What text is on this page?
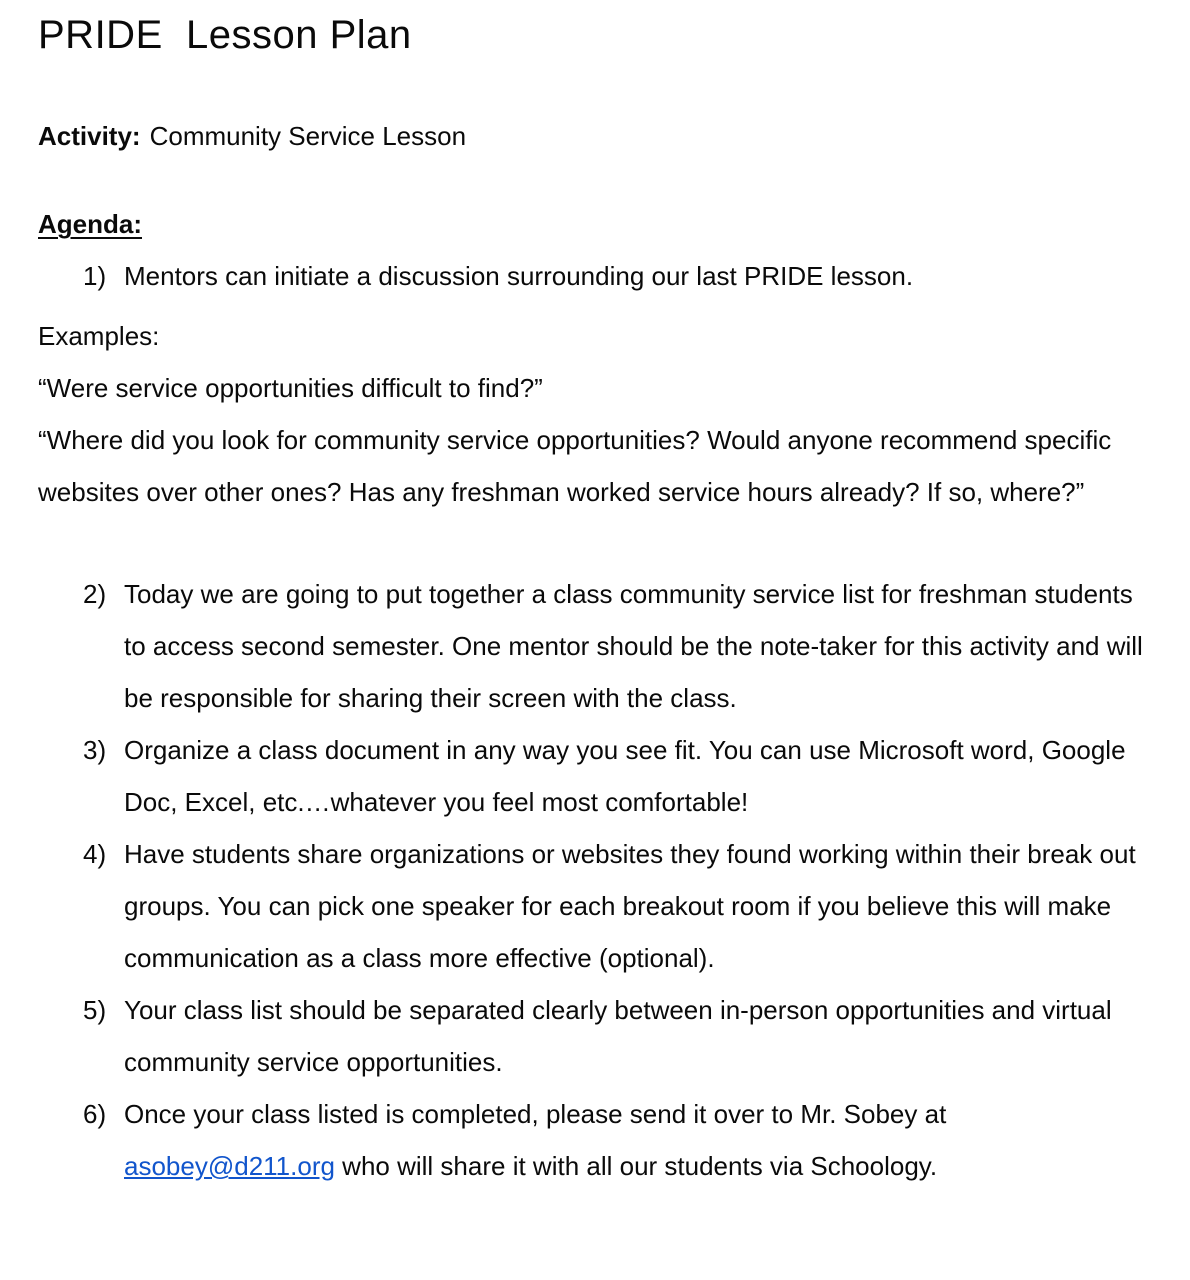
PRIDE  Lesson Plan

Activity: Community Service Lesson

Agenda:

1) Mentors can initiate a discussion surrounding our last PRIDE lesson.

Examples:

“Were service opportunities difficult to find?”

“Where did you look for community service opportunities? Would anyone recommend specific websites over other ones? Has any freshman worked service hours already? If so, where?”

2) Today we are going to put together a class community service list for freshman students to access second semester. One mentor should be the note-taker for this activity and will be responsible for sharing their screen with the class.
3) Organize a class document in any way you see fit. You can use Microsoft word, Google Doc, Excel, etc.…whatever you feel most comfortable!
4) Have students share organizations or websites they found working within their break out groups. You can pick one speaker for each breakout room if you believe this will make communication as a class more effective (optional).
5) Your class list should be separated clearly between in-person opportunities and virtual community service opportunities.
6) Once your class listed is completed, please send it over to Mr. Sobey at asobey@d211.org who will share it with all our students via Schoology.
